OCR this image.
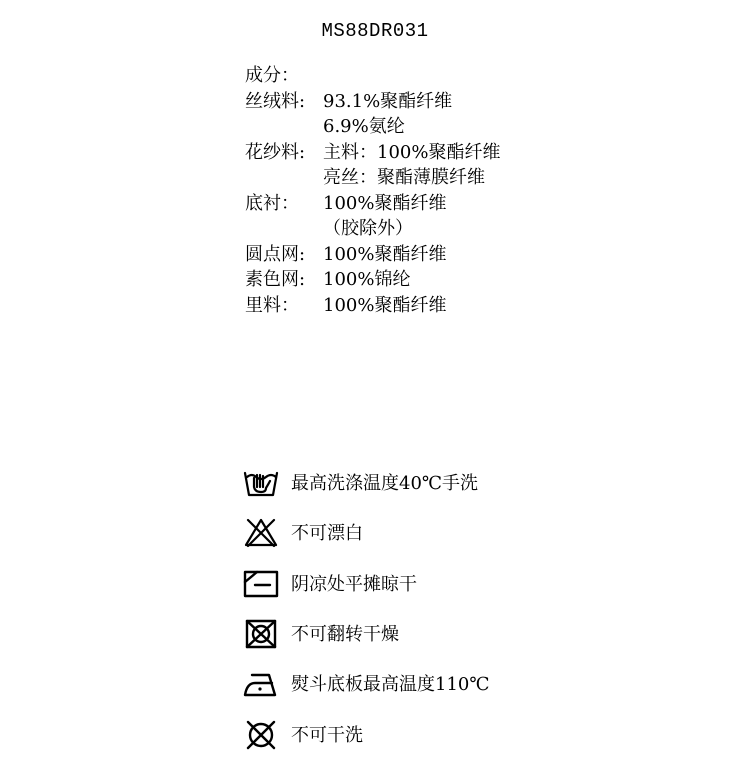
MS88DR031
成分：
丝绒料: 93.1%聚酯纤维
6.9%氨纶
花纱料: 主料：100%聚酯纤维
亮丝：聚酯薄膜纤维
底衬：	100%聚酯纤维
（胶除外）
圆点网: 100%聚酯纤维
素色网: 100%锦纶
里料：	100%聚酯纤维
最高洗涤温度40℃手洗
不可漂白
阴凉处平摊晾干
不可翻转干燥
熨斗底板最高温度110℃
不可干洗
